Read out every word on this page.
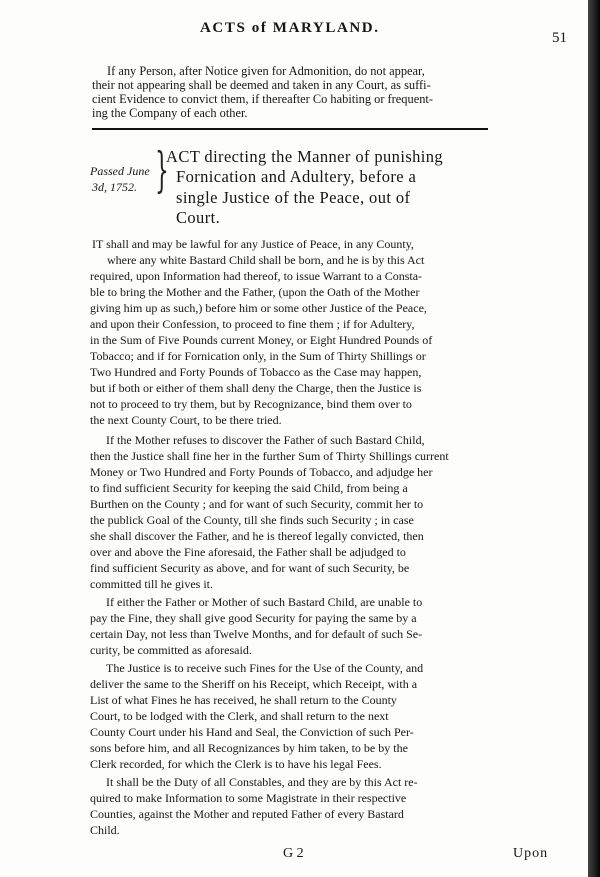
ACTS of MARYLAND.
51
If any Person, after Notice given for Admonition, do not appear,
their not appearing shall be deemed and taken in any Court, as suffi-
cient Evidence to convict them, if thereafter Co habiting or frequent-
ing the Company of each other.
Passed June
3d, 1752. }
ACT directing the Manner of punishing
Fornication and Adultery, before a
single Justice of the Peace, out of
Court.
IT shall and may be lawful for any Justice of Peace, in any County,
where any white Bastard Child shall be born, and he is by this Act
required, upon Information had thereof, to issue Warrant to a Consta-
ble to bring the Mother and the Father, (upon the Oath of the Mother
giving him up as such,) before him or some other Justice of the Peace,
and upon their Confession, to proceed to fine them ; if for Adultery,
in the Sum of Five Pounds current Money, or Eight Hundred Pounds of
Tobacco; and if for Fornication only, in the Sum of Thirty Shillings or
Two Hundred and Forty Pounds of Tobacco as the Case may happen,
but if both or either of them shall deny the Charge, then the Justice is
not to proceed to try them, but by Recognizance, bind them over to
the next County Court, to be there tried.
If the Mother refuses to discover the Father of such Bastard Child,
then the Justice shall fine her in the further Sum of Thirty Shillings current
Money or Two Hundred and Forty Pounds of Tobacco, and adjudge her
to find sufficient Security for keeping the said Child, from being a
Burthen on the County ; and for want of such Security, commit her to
the publick Goal of the County, till she finds such Security ; in case
she shall discover the Father, and he is thereof legally convicted, then
over and above the Fine aforesaid, the Father shall be adjudged to
find sufficient Security as above, and for want of such Security, be
committed till he gives it.
If either the Father or Mother of such Bastard Child, are unable to
pay the Fine, they shall give good Security for paying the same by a
certain Day, not less than Twelve Months, and for default of such Se-
curity, be committed as aforesaid.
The Justice is to receive such Fines for the Use of the County, and
deliver the same to the Sheriff on his Receipt, which Receipt, with a
List of what Fines he has received, he shall return to the County
Court, to be lodged with the Clerk, and shall return to the next
County Court under his Hand and Seal, the Conviction of such Per-
sons before him, and all Recognizances by him taken, to be by the
Clerk recorded, for which the Clerk is to have his legal Fees.
It shall be the Duty of all Constables, and they are by this Act re-
quired to make Information to some Magistrate in their respective
Counties, against the Mother and reputed Father of every Bastard
Child.
G 2	Upon
